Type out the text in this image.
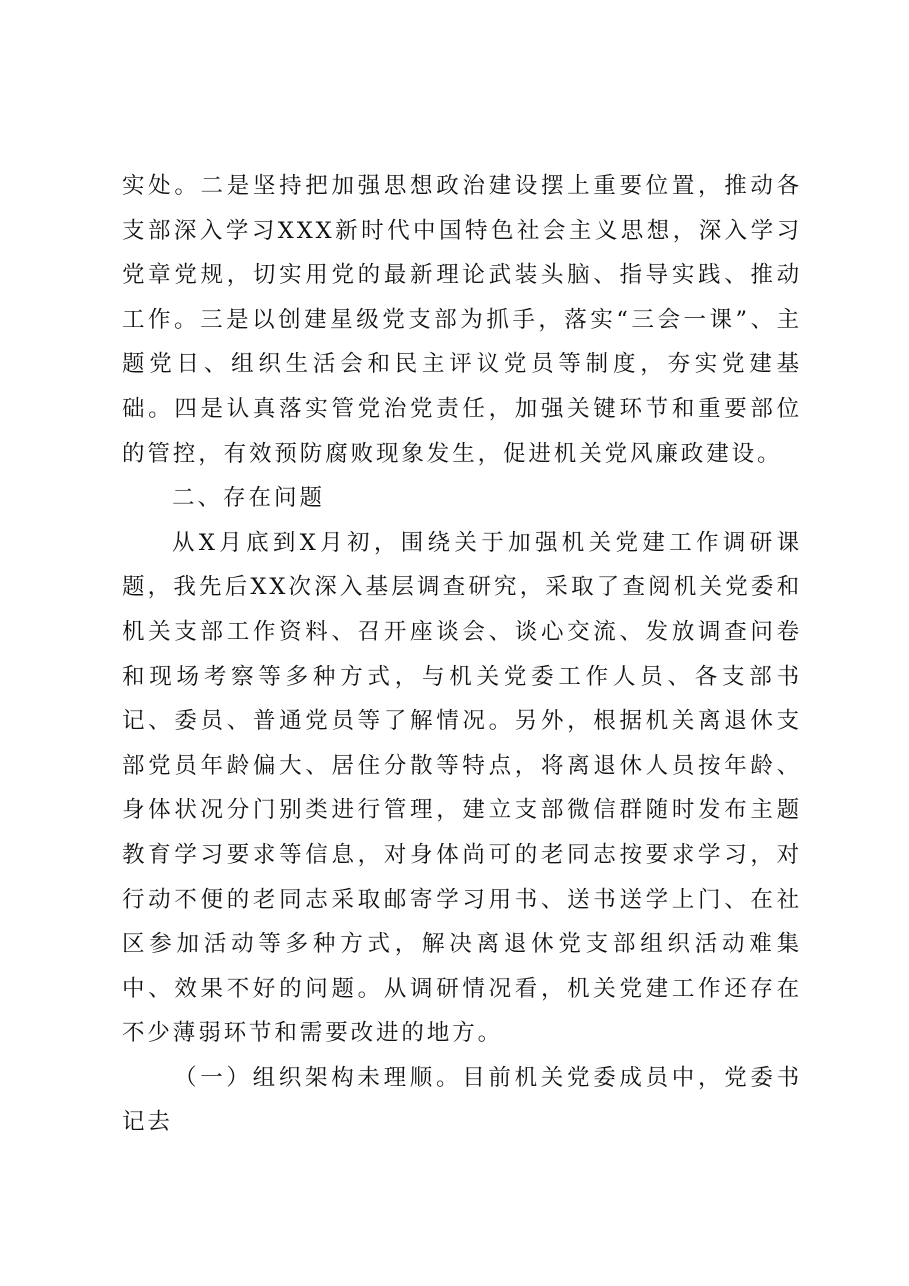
实处。二是坚持把加强思想政治建设摆上重要位置，推动各支部深入学习XXX新时代中国特色社会主义思想，深入学习党章党规，切实用党的最新理论武装头脑、指导实践、推动工作。三是以创建星级党支部为抓手，落实“三会一课”、主题党日、组织生活会和民主评议党员等制度，夯实党建基础。四是认真落实管党治党责任，加强关键环节和重要部位的管控，有效预防腐败现象发生，促进机关党风廉政建设。

二、存在问题

从X月底到X月初，围绕关于加强机关党建工作调研课题，我先后XX次深入基层调查研究，采取了查阅机关党委和机关支部工作资料、召开座谈会、谈心交流、发放调查问卷和现场考察等多种方式，与机关党委工作人员、各支部书记、委员、普通党员等了解情况。另外，根据机关离退休支部党员年龄偏大、居住分散等特点，将离退休人员按年龄、身体状况分门别类进行管理，建立支部微信群随时发布主题教育学习要求等信息，对身体尚可的老同志按要求学习，对行动不便的老同志采取邮寄学习用书、送书送学上门、在社区参加活动等多种方式，解决离退休党支部组织活动难集中、效果不好的问题。从调研情况看，机关党建工作还存在不少薄弱环节和需要改进的地方。

（一）组织架构未理顺。目前机关党委成员中，党委书记去
